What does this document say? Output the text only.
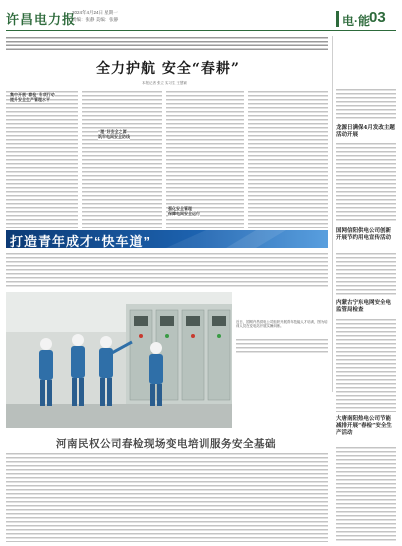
许昌电力报
2024年4月24日 星期一
责编：张静 美编：张静	电·能 03
全力护航 安全“春耕”
本报记者 张立 实习生 王慧颖
集中开展“春检”专项行动
提升安全生产管理水平
“理”好安全之源
筑牢电网安全防线
强化安全管理
保障电网安全运行
龙源日满保4月发改主题活动开展
国网信阳供电公司创新开展节约用电宣传活动
内蒙古宁东电网安全电监管局检查
大唐南阳热电公司节能减排开展“春检”安全生产活动
打造青年成才“快车道”
近日，国网许昌供电公司组织开展青年技能人才培训，图为培训人员在变电站开展实操训练。
河南民权公司春检现场变电培训服务安全基础
